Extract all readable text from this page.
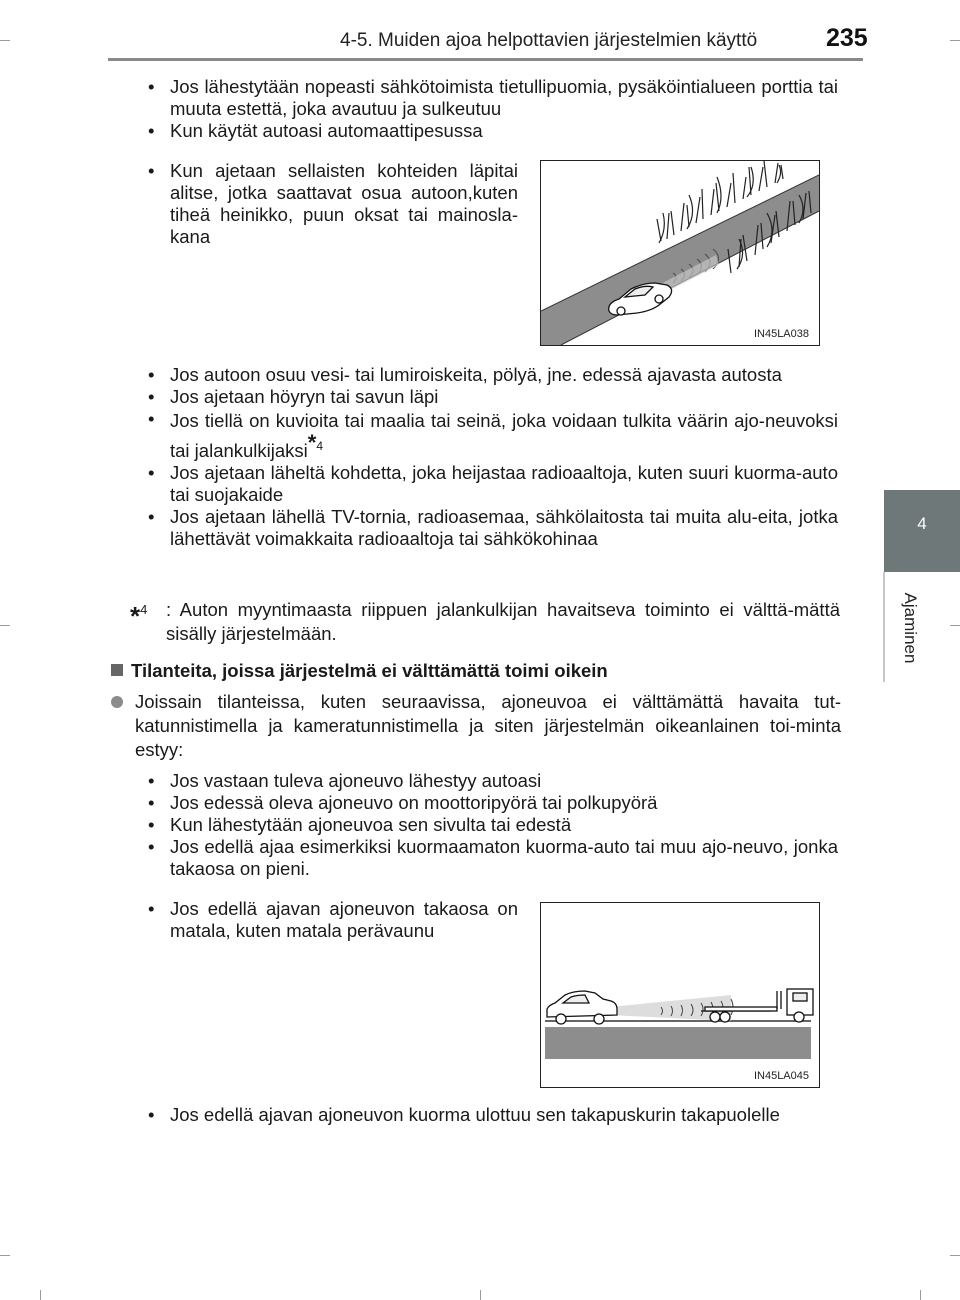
4-5. Muiden ajoa helpottavien järjestelmien käyttö	235
4
Ajaminen
• Jos lähestytään nopeasti sähkötoimista tietullipuomia, pysäköintialueen porttia tai muuta estettä, joka avautuu ja sulkeutuu
• Kun käytät autoasi automaattipesussa
• Kun ajetaan sellaisten kohteiden läpitai alitse, jotka saattavat osua autoon,kuten tiheä heinikko, puun oksat tai mainosla-kana
IN45LA038
• Jos autoon osuu vesi- tai lumiroiskeita, pölyä, jne. edessä ajavasta autosta
• Jos ajetaan höyryn tai savun läpi
• Jos tiellä on kuvioita tai maalia tai seinä, joka voidaan tulkita väärin ajo-neuvoksi tai jalankulkijaksi$^{*4}$
• Jos ajetaan läheltä kohdetta, joka heijastaa radioaaltoja, kuten suuri kuorma-auto tai suojakaide
• Jos ajetaan lähellä TV-tornia, radioasemaa, sähkölaitosta tai muita alu-eita, jotka lähettävät voimakkaita radioaaltoja tai sähkökohinaa
*$^4$	: Auton myyntimaasta riippuen jalankulkijan havaitseva toiminto ei välttä-mättä sisälly järjestelmään.
Tilanteita, joissa järjestelmä ei välttämättä toimi oikein
Joissain tilanteissa, kuten seuraavissa, ajoneuvoa ei välttämättä havaita tut-katunnistimella ja kameratunnistimella ja siten järjestelmän oikeanlainen toi-minta estyy:
• Jos vastaan tuleva ajoneuvo lähestyy autoasi
• Jos edessä oleva ajoneuvo on moottoripyörä tai polkupyörä
• Kun lähestytään ajoneuvoa sen sivulta tai edestä
• Jos edellä ajaa esimerkiksi kuormaamaton kuorma-auto tai muu ajo-neuvo, jonka takaosa on pieni.
• Jos edellä ajavan ajoneuvon takaosa on matala, kuten matala perävaunu
IN45LA045
• Jos edellä ajavan ajoneuvon kuorma ulottuu sen takapuskurin takapuolelle
